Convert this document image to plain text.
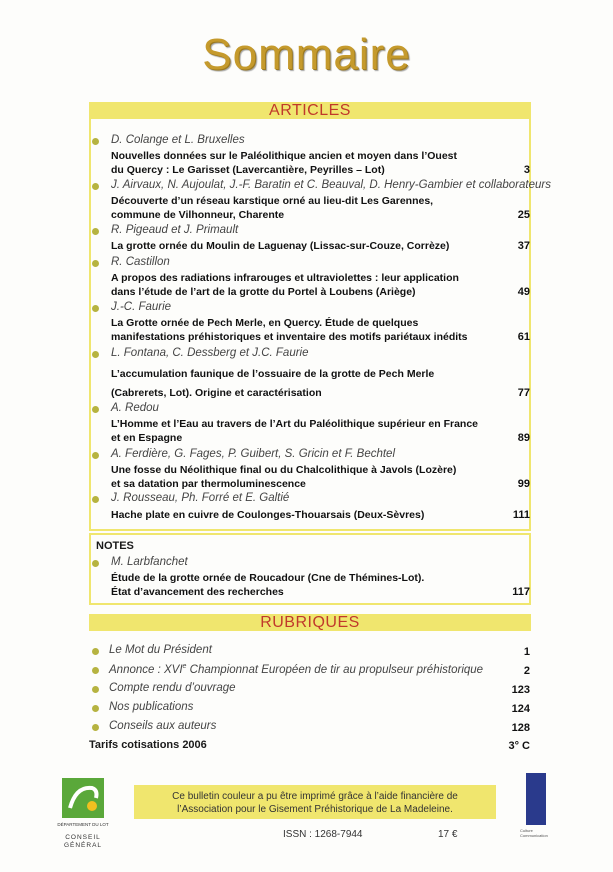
Sommaire
ARTICLES
D. Colange et L. Bruxelles
Nouvelles données sur le Paléolithique ancien et moyen dans l’Ouest
du Quercy : Le Garisset (Lavercantière, Peyrilles – Lot)	3
J. Airvaux, N. Aujoulat, J.-F. Baratin et C. Beauval, D. Henry-Gambier et collaborateurs
Découverte d’un réseau karstique orné au lieu-dit Les Garennes,
commune de Vilhonneur, Charente	25
R. Pigeaud et J. Primault
La grotte ornée du Moulin de Laguenay (Lissac-sur-Couze, Corrèze)	37
R. Castillon
A propos des radiations infrarouges et ultraviolettes : leur application
dans l’étude de l’art de la grotte du Portel à Loubens (Ariège)	49
J.-C. Faurie
La Grotte ornée de Pech Merle, en Quercy. Étude de quelques
manifestations préhistoriques et inventaire des motifs pariétaux inédits	61
L. Fontana, C. Dessberg et J.C. Faurie
L’accumulation faunique de l’ossuaire de la grotte de Pech Merle
(Cabrerets, Lot). Origine et caractérisation	77
A. Redou
L’Homme et l’Eau au travers de l’Art du Paléolithique supérieur en France
et en Espagne	89
A. Ferdière, G. Fages, P. Guibert, S. Gricin et F. Bechtel
Une fosse du Néolithique final ou du Chalcolithique à Javols (Lozère)
et sa datation par thermoluminescence	99
J. Rousseau, Ph. Forré et E. Galtié
Hache plate en cuivre de Coulonges-Thouarsais (Deux-Sèvres)	111
NOTES
M. Larbfanchet
Étude de la grotte ornée de Roucadour (Cne de Thémines-Lot).
État d’avancement des recherches	117
RUBRIQUES
Le Mot du Président	1
Annonce : XVIe Championnat Européen de tir au propulseur préhistorique	2
Compte rendu d’ouvrage	123
Nos publications	124
Conseils aux auteurs	128
Tarifs cotisations 2006	3° C
DÉPARTEMENT DU LOT
CONSEIL GÉNÉRAL
Ce bulletin couleur a pu être imprimé grâce à l’aide financière de
l’Association pour le Gisement Préhistorique de La Madeleine.
ISSN : 1268-7944	17 €	Culture Communication
